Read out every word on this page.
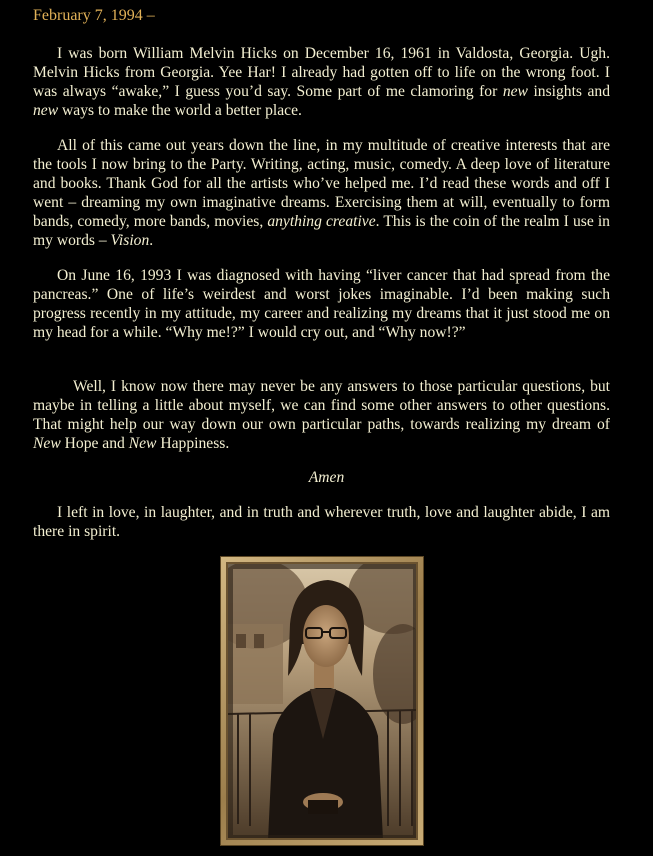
February 7, 1994 –

I was born William Melvin Hicks on December 16, 1961 in Valdosta, Georgia. Ugh. Melvin Hicks from Georgia. Yee Har! I already had gotten off to life on the wrong foot. I was always “awake,” I guess you’d say. Some part of me clamoring for new insights and new ways to make the world a better place.

All of this came out years down the line, in my multitude of creative interests that are the tools I now bring to the Party. Writing, acting, music, comedy. A deep love of literature and books. Thank God for all the artists who’ve helped me. I’d read these words and off I went – dreaming my own imaginative dreams. Exercising them at will, eventually to form bands, comedy, more bands, movies, anything creative. This is the coin of the realm I use in my words – Vision.

On June 16, 1993 I was diagnosed with having “liver cancer that had spread from the pancreas.” One of life’s weirdest and worst jokes imaginable. I’d been making such progress recently in my attitude, my career and realizing my dreams that it just stood me on my head for a while. “Why me!?” I would cry out, and “Why now!?”

Well, I know now there may never be any answers to those particular questions, but maybe in telling a little about myself, we can find some other answers to other questions. That might help our way down our own particular paths, towards realizing my dream of New Hope and New Happiness.

Amen

I left in love, in laughter, and in truth and wherever truth, love and laughter abide, I am there in spirit.
